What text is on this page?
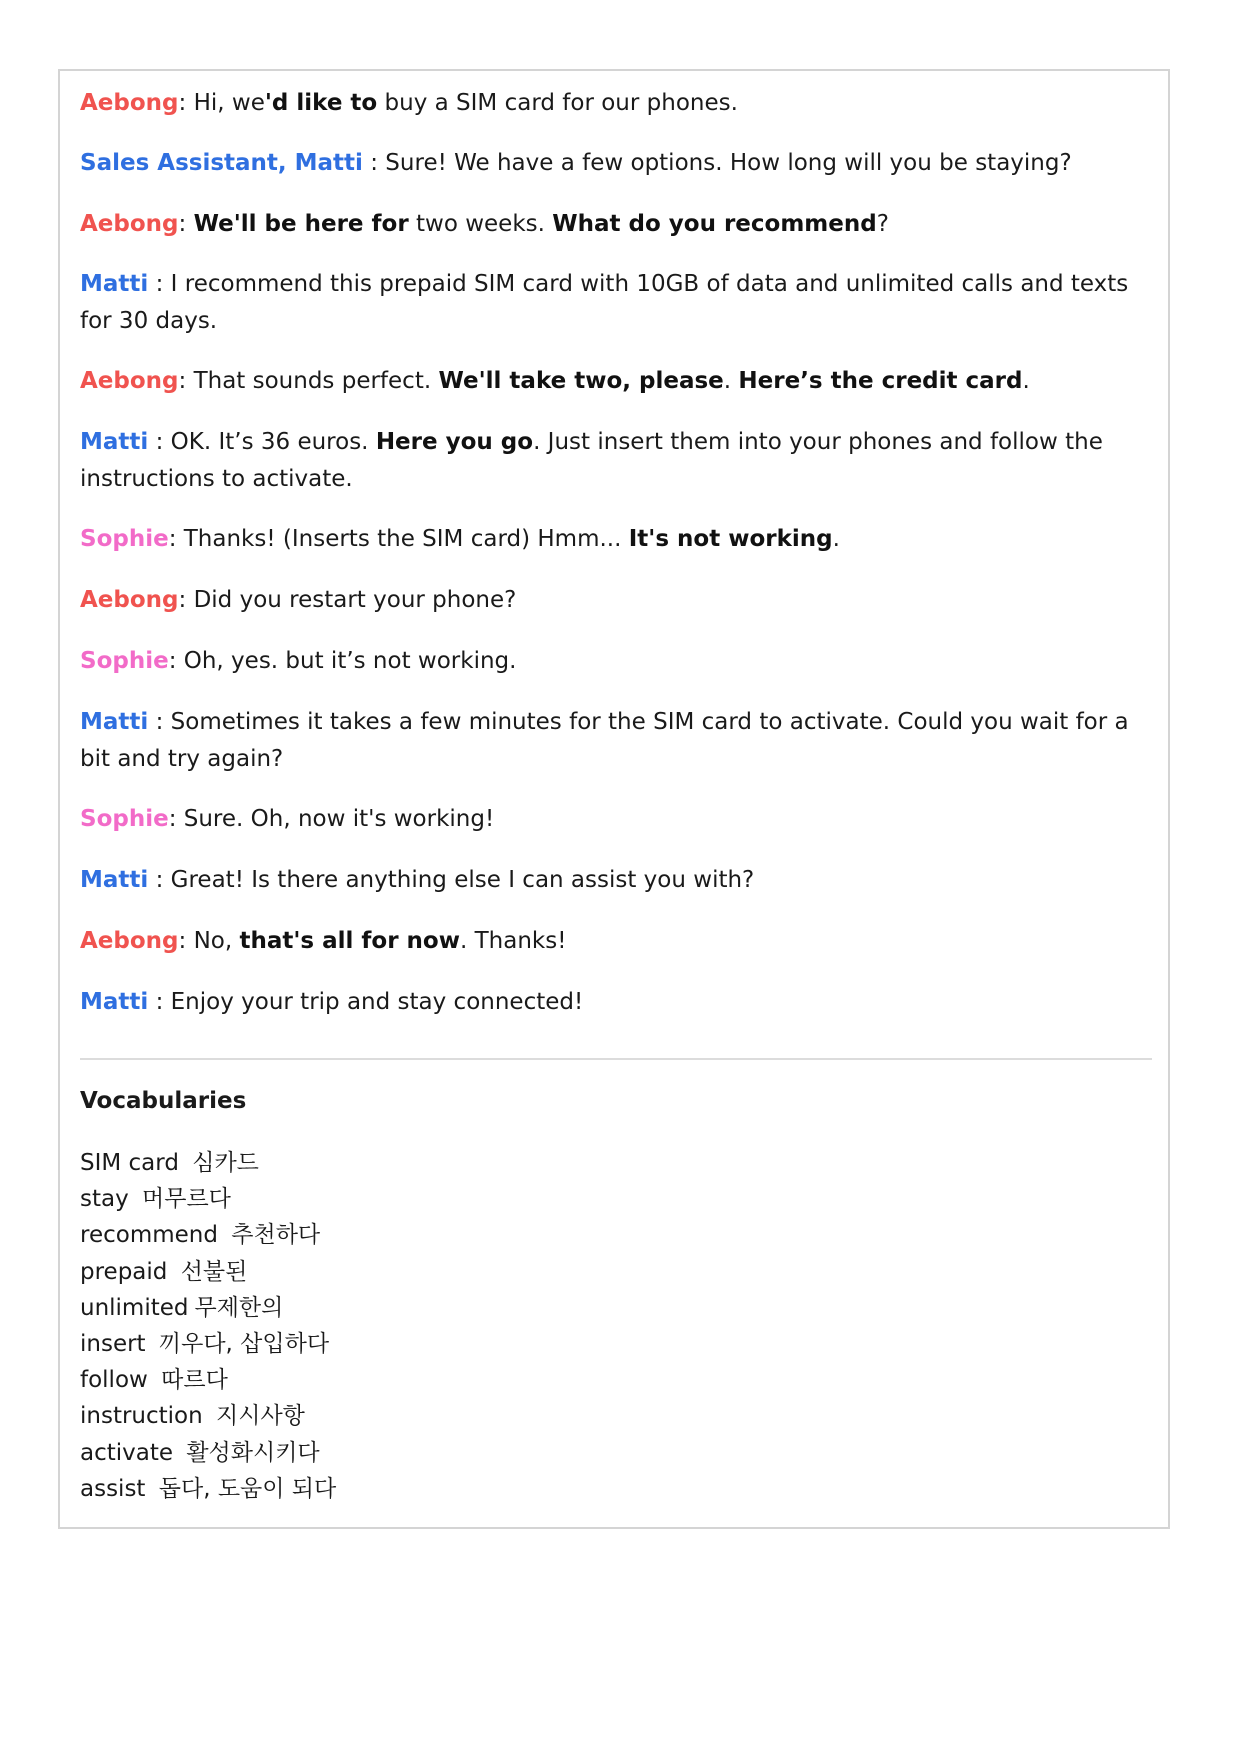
Aebong: Hi, we'd like to buy a SIM card for our phones.
Sales Assistant, Matti : Sure! We have a few options. How long will you be staying?
Aebong: We'll be here for two weeks. What do you recommend?
Matti : I recommend this prepaid SIM card with 10GB of data and unlimited calls and texts for 30 days.
Aebong: That sounds perfect. We'll take two, please. Here’s the credit card.
Matti : OK. It’s 36 euros. Here you go. Just insert them into your phones and follow the instructions to activate.
Sophie: Thanks! (Inserts the SIM card) Hmm... It's not working.
Aebong: Did you restart your phone?
Sophie: Oh, yes. but it’s not working.
Matti : Sometimes it takes a few minutes for the SIM card to activate. Could you wait for a bit and try again?
Sophie: Sure. Oh, now it's working!
Matti : Great! Is there anything else I can assist you with?
Aebong: No, that's all for now. Thanks!
Matti : Enjoy your trip and stay connected!
Vocabularies
SIM card 심카드
stay 머무르다
recommend 추천하다
prepaid 선불된
unlimited 무제한의
insert 끼우다, 삽입하다
follow 따르다
instruction 지시사항
activate 활성화시키다
assist 돕다, 도움이 되다
